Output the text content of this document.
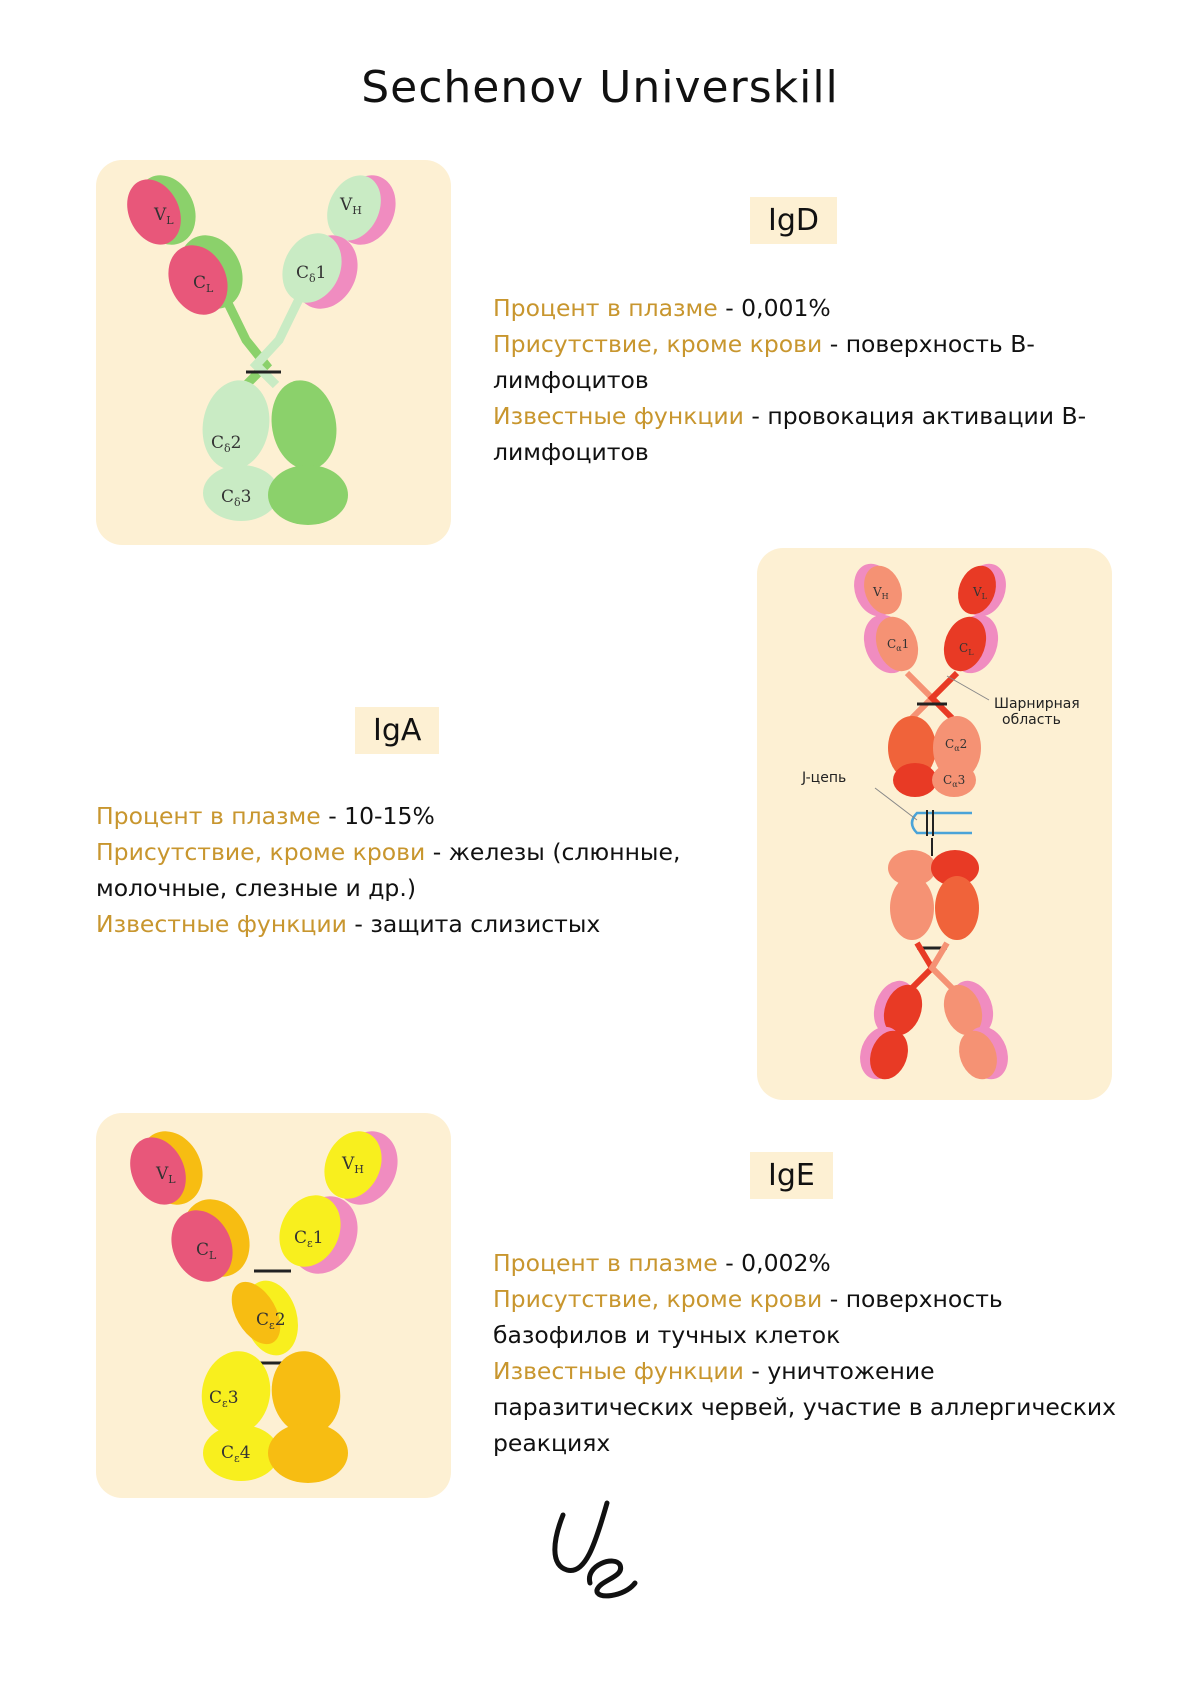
Sechenov Universkill
$V_L$
$C_L$
$V_H$
$C_\delta 1$
$C_\delta 2$
$C_\delta 3$
IgD

Процент в плазме - 0,001%

Присутствие, кроме крови - поверхность В-лимфоцитов

Известные функции - провокация активации В-лимфоцитов

IgA

Процент в плазме - 10-15%

Присутствие, кроме крови - железы (слюнные, молочные, слезные и др.)

Известные функции - защита слизистых

$V_H$	$V_L$
$C_\alpha 1$	$C_L$
$C_\alpha 2$
$C_\alpha 3$
Шарнирная
область
J-цепь
$V_L$
$C_L$
$V_H$
$C_\varepsilon 1$
$C_\varepsilon 2$
$C_\varepsilon 3$
$C_\varepsilon 4$
IgE

Процент в плазме - 0,002%

Присутствие, кроме крови - поверхность базофилов и тучных клеток

Известные функции - уничтожение паразитических червей, участие в аллергических реакциях
